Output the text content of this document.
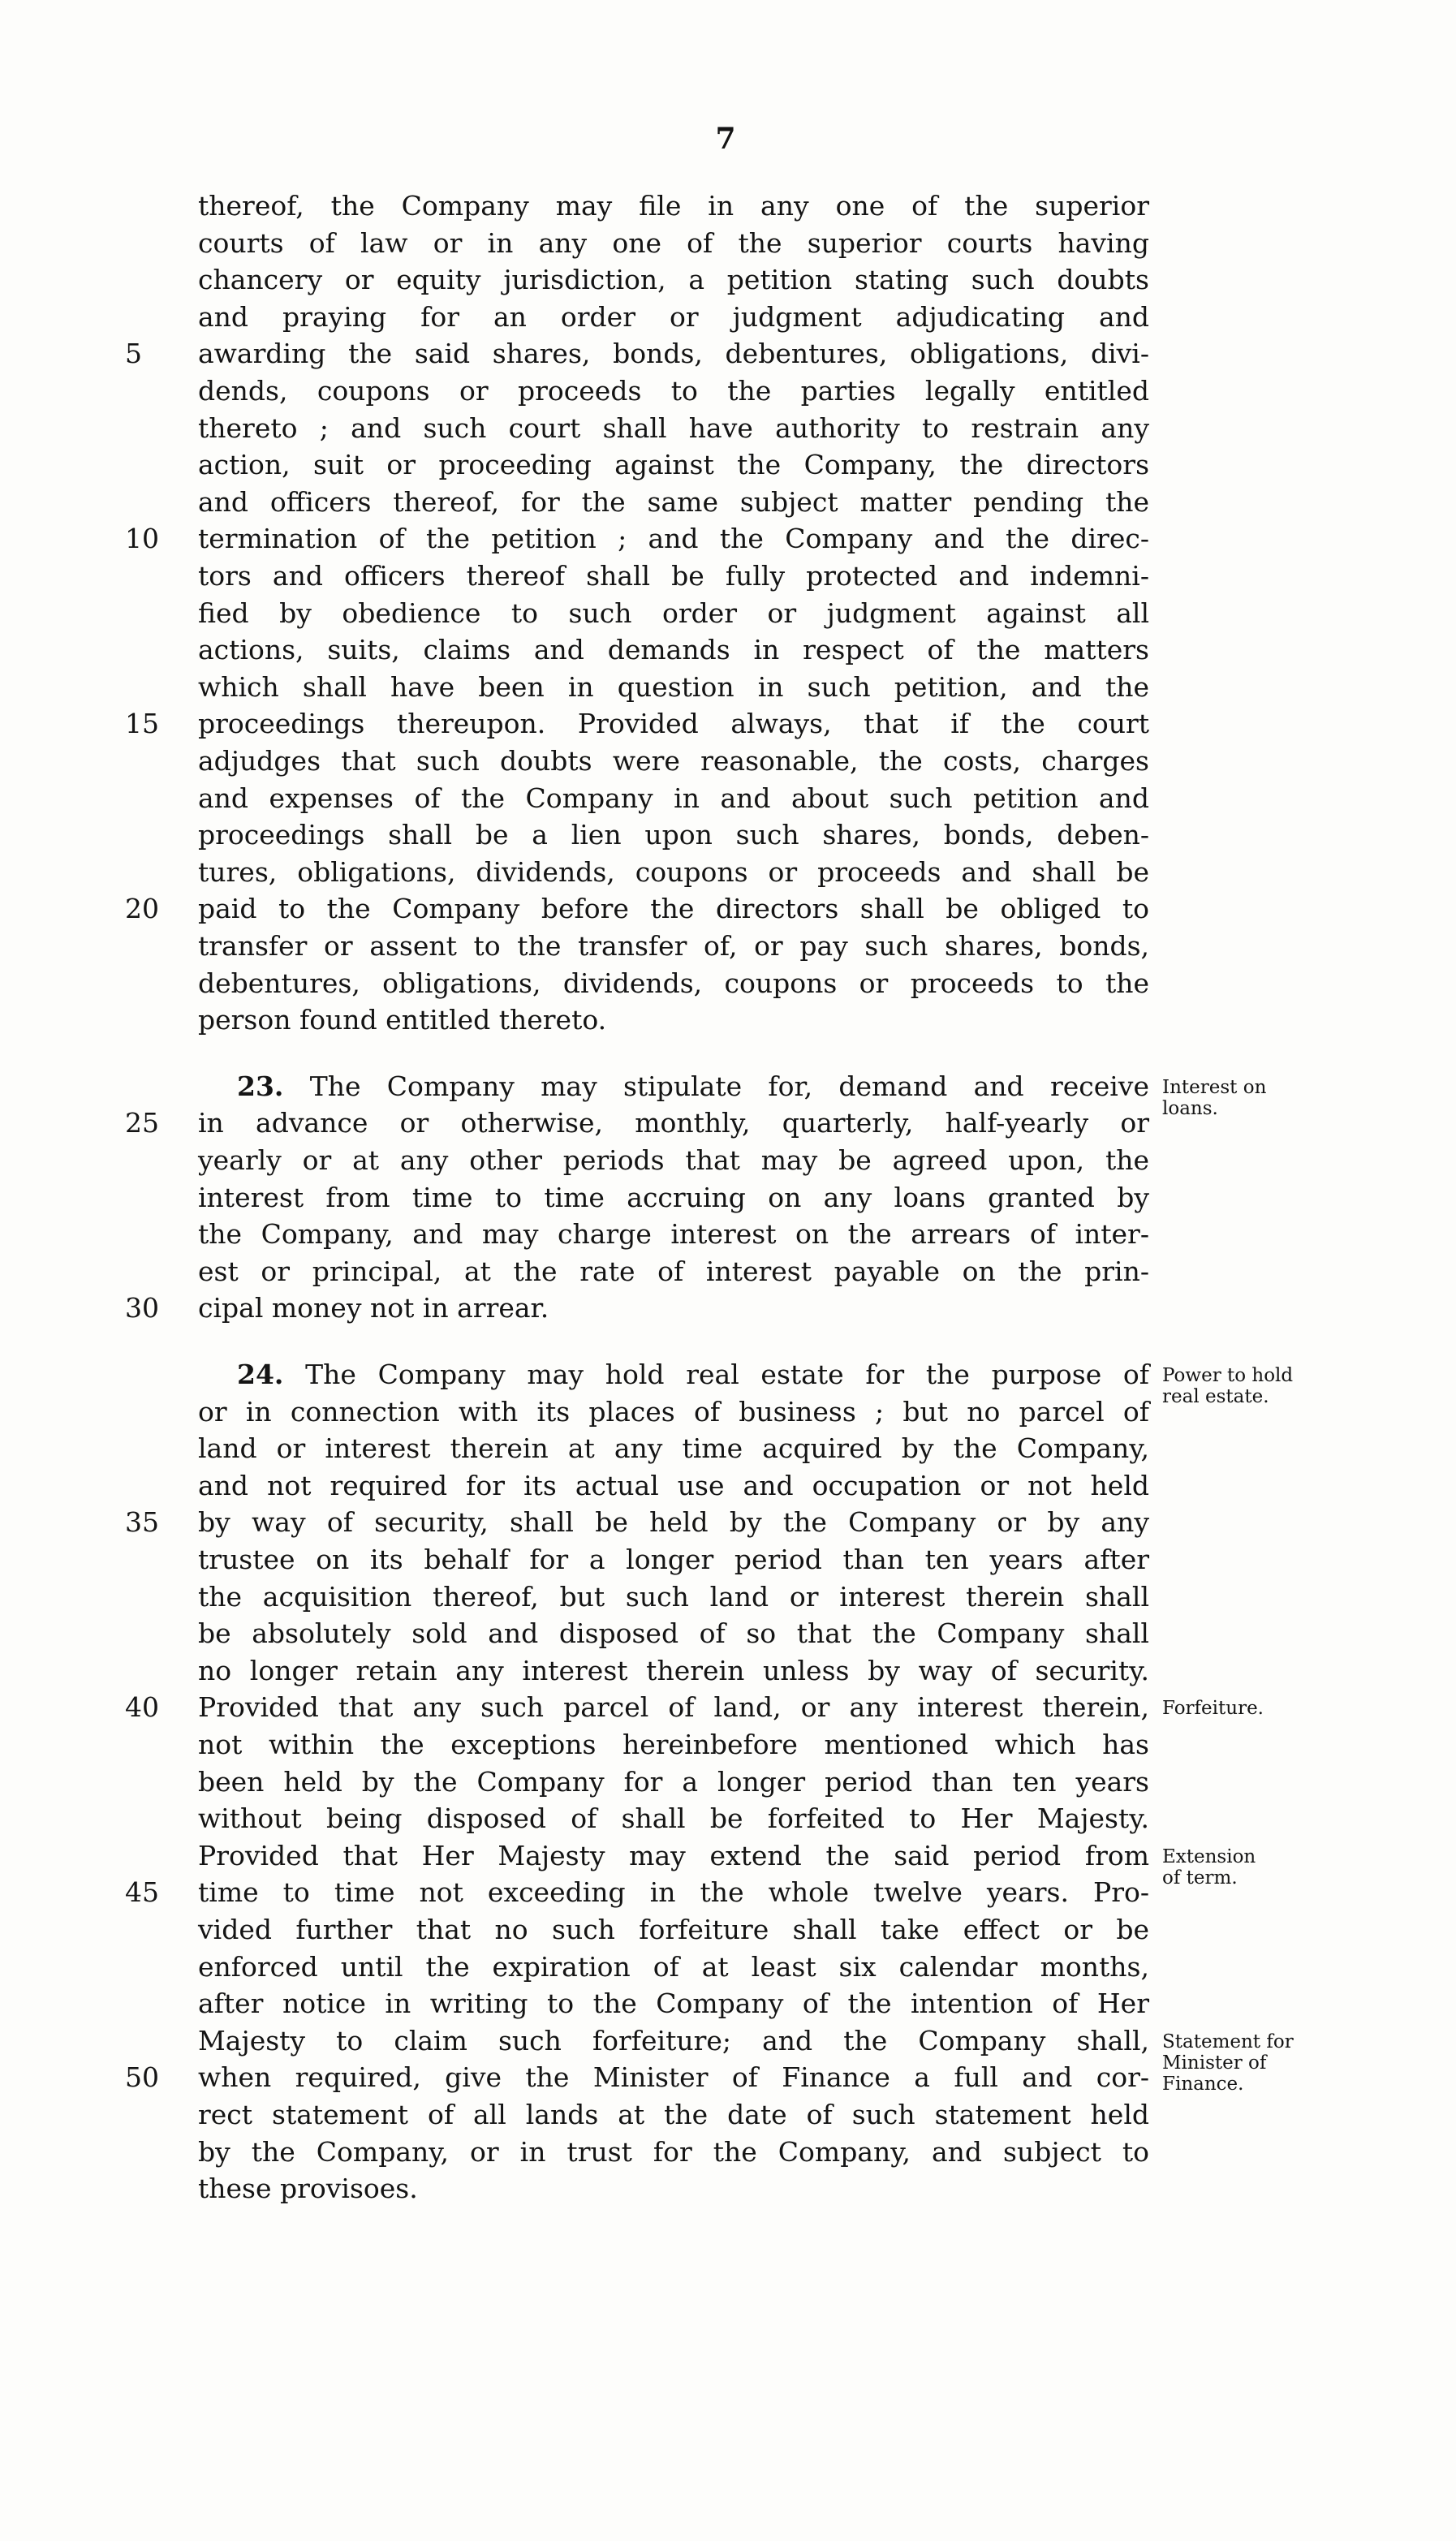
7
thereof, the Company may file in any one of the superior
courts of law or in any one of the superior courts having
chancery or equity jurisdiction, a petition stating such doubts
and praying for an order or judgment adjudicating and
awarding the said shares, bonds, debentures, obligations, divi-
5
dends, coupons or proceeds to the parties legally entitled
thereto ; and such court shall have authority to restrain any
action, suit or proceeding against the Company, the directors
and officers thereof, for the same subject matter pending the
termination of the petition ; and the Company and the direc-
10
tors and officers thereof shall be fully protected and indemni-
fied by obedience to such order or judgment against all
actions, suits, claims and demands in respect of the matters
which shall have been in question in such petition, and the
proceedings thereupon. Provided always, that if the court
15
adjudges that such doubts were reasonable, the costs, charges
and expenses of the Company in and about such petition and
proceedings shall be a lien upon such shares, bonds, deben-
tures, obligations, dividends, coupons or proceeds and shall be
paid to the Company before the directors shall be obliged to
20
transfer or assent to the transfer of, or pay such shares, bonds,
debentures, obligations, dividends, coupons or proceeds to the
person found entitled thereto.
23. The Company may stipulate for, demand and receive
in advance or otherwise, monthly, quarterly, half-yearly or
25
yearly or at any other periods that may be agreed upon, the
interest from time to time accruing on any loans granted by
the Company, and may charge interest on the arrears of inter-
est or principal, at the rate of interest payable on the prin-
cipal money not in arrear.
30
24. The Company may hold real estate for the purpose of
or in connection with its places of business ; but no parcel of
land or interest therein at any time acquired by the Company,
and not required for its actual use and occupation or not held
by way of security, shall be held by the Company or by any
35
trustee on its behalf for a longer period than ten years after
the acquisition thereof, but such land or interest therein shall
be absolutely sold and disposed of so that the Company shall
no longer retain any interest therein unless by way of security.
Provided that any such parcel of land, or any interest therein,
40
not within the exceptions hereinbefore mentioned which has
been held by the Company for a longer period than ten years
without being disposed of shall be forfeited to Her Majesty.
Provided that Her Majesty may extend the said period from
time to time not exceeding in the whole twelve years. Pro-
45
vided further that no such forfeiture shall take effect or be
enforced until the expiration of at least six calendar months,
after notice in writing to the Company of the intention of Her
Majesty to claim such forfeiture; and the Company shall,
when required, give the Minister of Finance a full and cor-
50
rect statement of all lands at the date of such statement held
by the Company, or in trust for the Company, and subject to
these provisoes.
Interest on
loans.
Power to hold
real estate.
Forfeiture.
Extension
of term.
Statement for
Minister of
Finance.
